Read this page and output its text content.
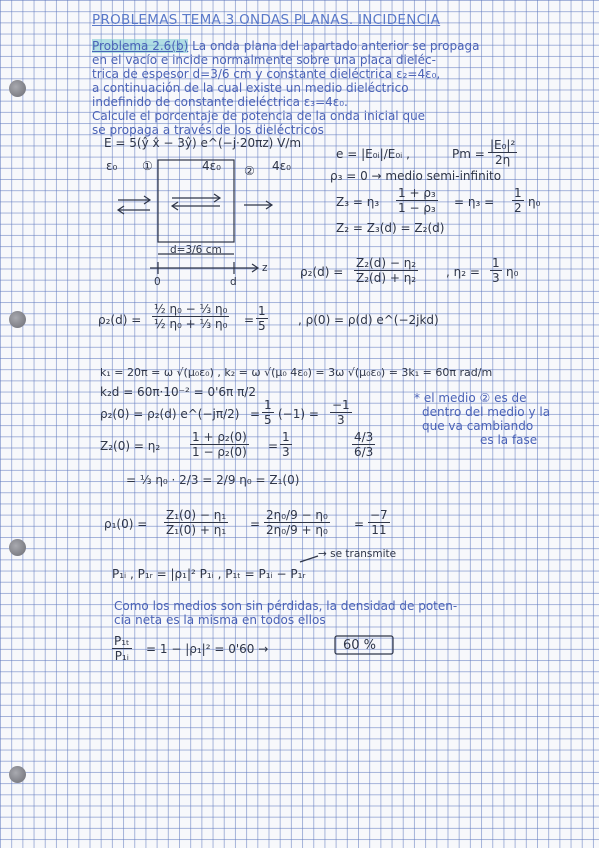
PROBLEMAS TEMA 3 ONDAS PLANAS. INCIDENCIA
Problema 2.6(b) La onda plana del apartado anterior se propaga
en el vacío e incide normalmente sobre una placa dieléc-
trica de espesor d=3/6 cm y constante dieléctrica ε₂=4ε₀,
a continuación de la cual existe un medio dieléctrico
indefinido de constante dieléctrica ε₃=4ε₀.
Calcule el porcentaje de potencia de la onda inicial que
se propaga a través de los dieléctricos
E = 5(ŷ x̂ − 3ŷ) e^(−j·20πz) V/m
ε₀ ①	4ε₀ ② 4ε₀
d=3/6 cm
0	d
z
e = |E₀ᵢ|/E₀ᵢ ,	$Pm = \frac{\text{|E₀|²}}{2\eta}$
ρ₃ = 0 → medio semi-infinito
$Z_3 = \eta_3 \frac{\text{1 + ρ₃}}{\text{1 − ρ₃}} = \eta_3 = \frac{1}{2} \eta_0$
Z₂ = Z₃(d) = Z₂(d)
$\rho_2(d) = \frac{\text{Z₂(d) − η₂}}{\text{Z₂(d) + η₂}}$ , $\eta_2 = \frac{1}{3} \eta_0$
$\rho_2(d) = \frac{\text{½ η₀ − ⅓ η₀}}{\text{½ η₀ + ⅓ η₀}} = \frac{1}{5}$	, ρ(0) = ρ(d) e^(−2jkd)
k₁ = 20π = ω √(μ₀ε₀) , k₂ = ω √(μ₀ 4ε₀) = 3ω √(μ₀ε₀) = 3k₁ = 60π rad/m
k₂d = 60π·10⁻² = 0'6π π/2
ρ₂(0) = ρ₂(d) e^(−jπ/2) = $\frac{1}{5} (-1) = \frac{-1}{3}$	* el medio ② es de
dentro del medio y la
que va cambiando
es la fase
$Z_2(0) = \eta_2 \frac{\text{1 + ρ₂(0)}}{\text{1 − ρ₂(0)}} = \frac{1}{3}$	$\frac{4/3}{6/3}$
= ⅓ η₀ · 2/3 = 2/9 η₀ = Z₁(0)
$\rho_1(0) = \frac{\text{Z₁(0) − η₁}}{\text{Z₁(0) + η₁}} = \frac{\text{2η₀/9 − η₀}}{\text{2η₀/9 + η₀}} = \frac{-7}{11}$
→ se transmite
P₁ᵢ , P₁ᵣ = |ρ₁|² P₁ᵢ , P₁ₜ = P₁ᵢ − P₁ᵣ
Como los medios son sin pérdidas, la densidad de poten-
cia neta es la misma en todos ellos
$\frac{\text{P₁ₜ}}{\text{P₁ᵢ}} = 1 - |\rho_1|^2 = 0'60$ →	60 %
